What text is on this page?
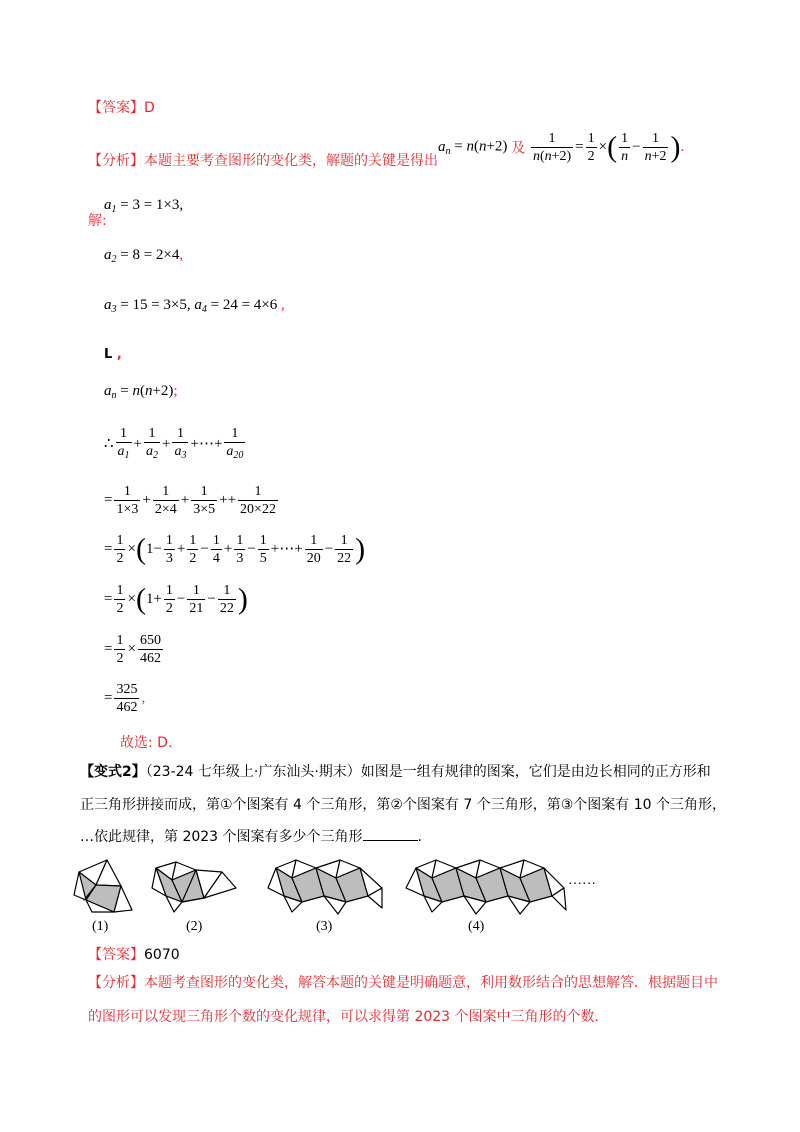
【答案】D
【分析】本题主要考查图形的变化类，解题的关键是得出
$a_n = n(n+2)$ 及 $\frac{1}{n(n+2)} = \frac{1}{2}$ ×( $\frac{1}{n} - \frac{1}{n+2}$ ).
解:
$a_1 = 3 = 1\times 3$,
$a_2 = 8 = 2\times 4$,
$a_3 = 15 = 3\times 5$, $a_4 = 24 = 4\times 6$ ,
L ,
$a_n = n(n+2)$;
∴ $\frac{1}{a_1} + \frac{1}{a_2} + \frac{1}{a_3}$ +⋯+ $\frac{1}{a_{20}}$
= $\frac{1}{1\times 3} + \frac{1}{2\times 4} + \frac{1}{3\times 5} ++ \frac{1}{20\times 22}$
= $\frac{1}{2} \times(1- \frac{1}{3} + \frac{1}{2} - \frac{1}{4} + \frac{1}{3} - \frac{1}{5}$ +⋯+ $\frac{1}{20} - \frac{1}{22}$ )
= $\frac{1}{2} \times(1+ \frac{1}{2} - \frac{1}{21} - \frac{1}{22}$ )
= $\frac{1}{2} \times \frac{650}{462}$
= $\frac{325}{462}$ ,
故选: D.
【变式2】（23-24 七年级上·广东汕头·期末）如图是一组有规律的图案，它们是由边长相同的正方形和
正三角形拼接而成，第①个图案有 4 个三角形，第②个图案有 7 个三角形，第③个图案有 10 个三角形，
…依此规律，第 2023 个图案有多少个三角形	.
(1)	(2)	(3)	(4)
……
【答案】6070
【分析】本题考查图形的变化类，解答本题的关键是明确题意，利用数形结合的思想解答．根据题目中
的图形可以发现三角形个数的变化规律，可以求得第 2023 个图案中三角形的个数．
